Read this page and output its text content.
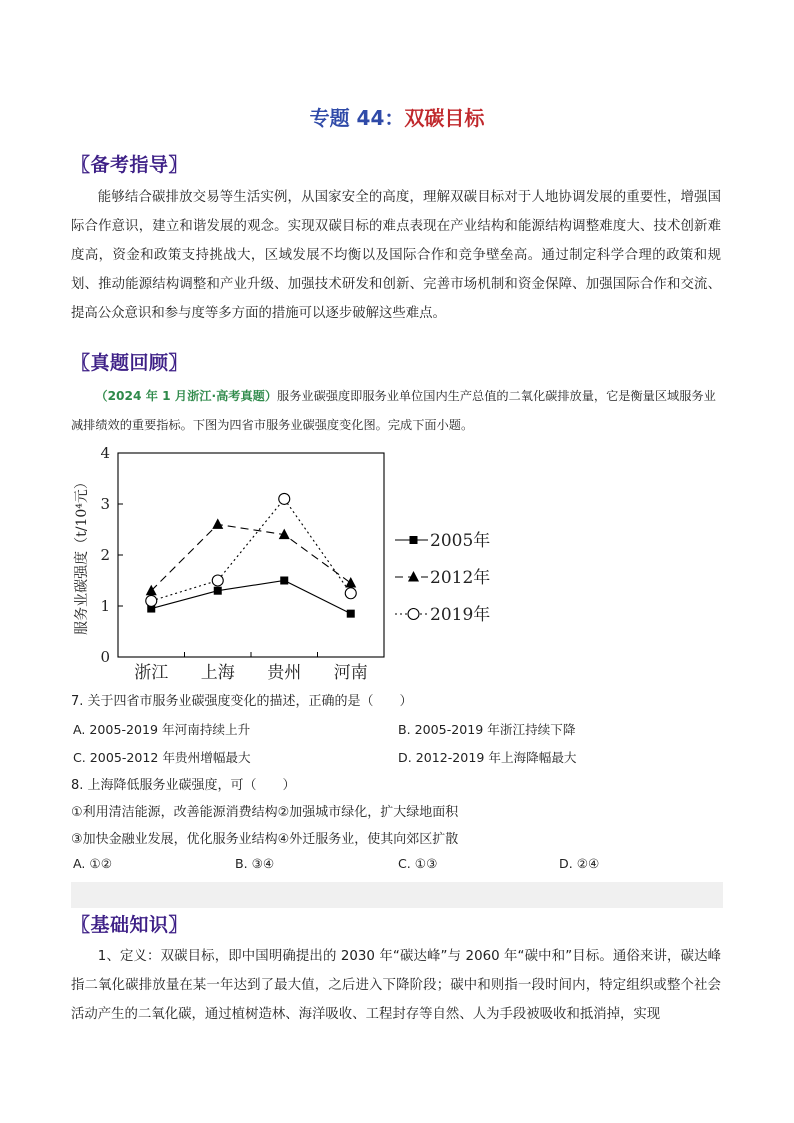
专题 44：双碳目标
〖备考指导〗

能够结合碳排放交易等生活实例，从国家安全的高度，理解双碳目标对于人地协调发展的重要性，增强国际合作意识，建立和谐发展的观念。实现双碳目标的难点表现在产业结构和能源结构调整难度大、技术创新难度高，资金和政策支持挑战大，区域发展不均衡以及国际合作和竞争壁垒高。通过制定科学合理的政策和规划、推动能源结构调整和产业升级、加强技术研发和创新、完善市场机制和资金保障、加强国际合作和交流、提高公众意识和参与度等多方面的措施可以逐步破解这些难点。

〖真题回顾〗

（2024 年 1 月浙江·高考真题）服务业碳强度即服务业单位国内生产总值的二氧化碳排放量，它是衡量区域服务业减排绩效的重要指标。下图为四省市服务业碳强度变化图。完成下面小题。

0
1
2
3
4
浙江 上海 贵州 河南
服务业碳强度（t/10⁴元）	2005年
2012年
2019年
7. 关于四省市服务业碳强度变化的描述，正确的是（　　）
A. 2005-2019 年河南持续上升	B. 2005-2019 年浙江持续下降
C. 2005-2012 年贵州增幅最大	D. 2012-2019 年上海降幅最大
8. 上海降低服务业碳强度，可（　　）
①利用清洁能源，改善能源消费结构②加强城市绿化，扩大绿地面积
③加快金融业发展，优化服务业结构④外迁服务业，使其向郊区扩散
A. ①②	B. ③④	C. ①③	D. ②④
〖基础知识〗

1、定义：双碳目标，即中国明确提出的 2030 年“碳达峰”与 2060 年“碳中和”目标。通俗来讲，碳达峰指二氧化碳排放量在某一年达到了最大值，之后进入下降阶段；碳中和则指一段时间内，特定组织或整个社会活动产生的二氧化碳，通过植树造林、海洋吸收、工程封存等自然、人为手段被吸收和抵消掉，实现
